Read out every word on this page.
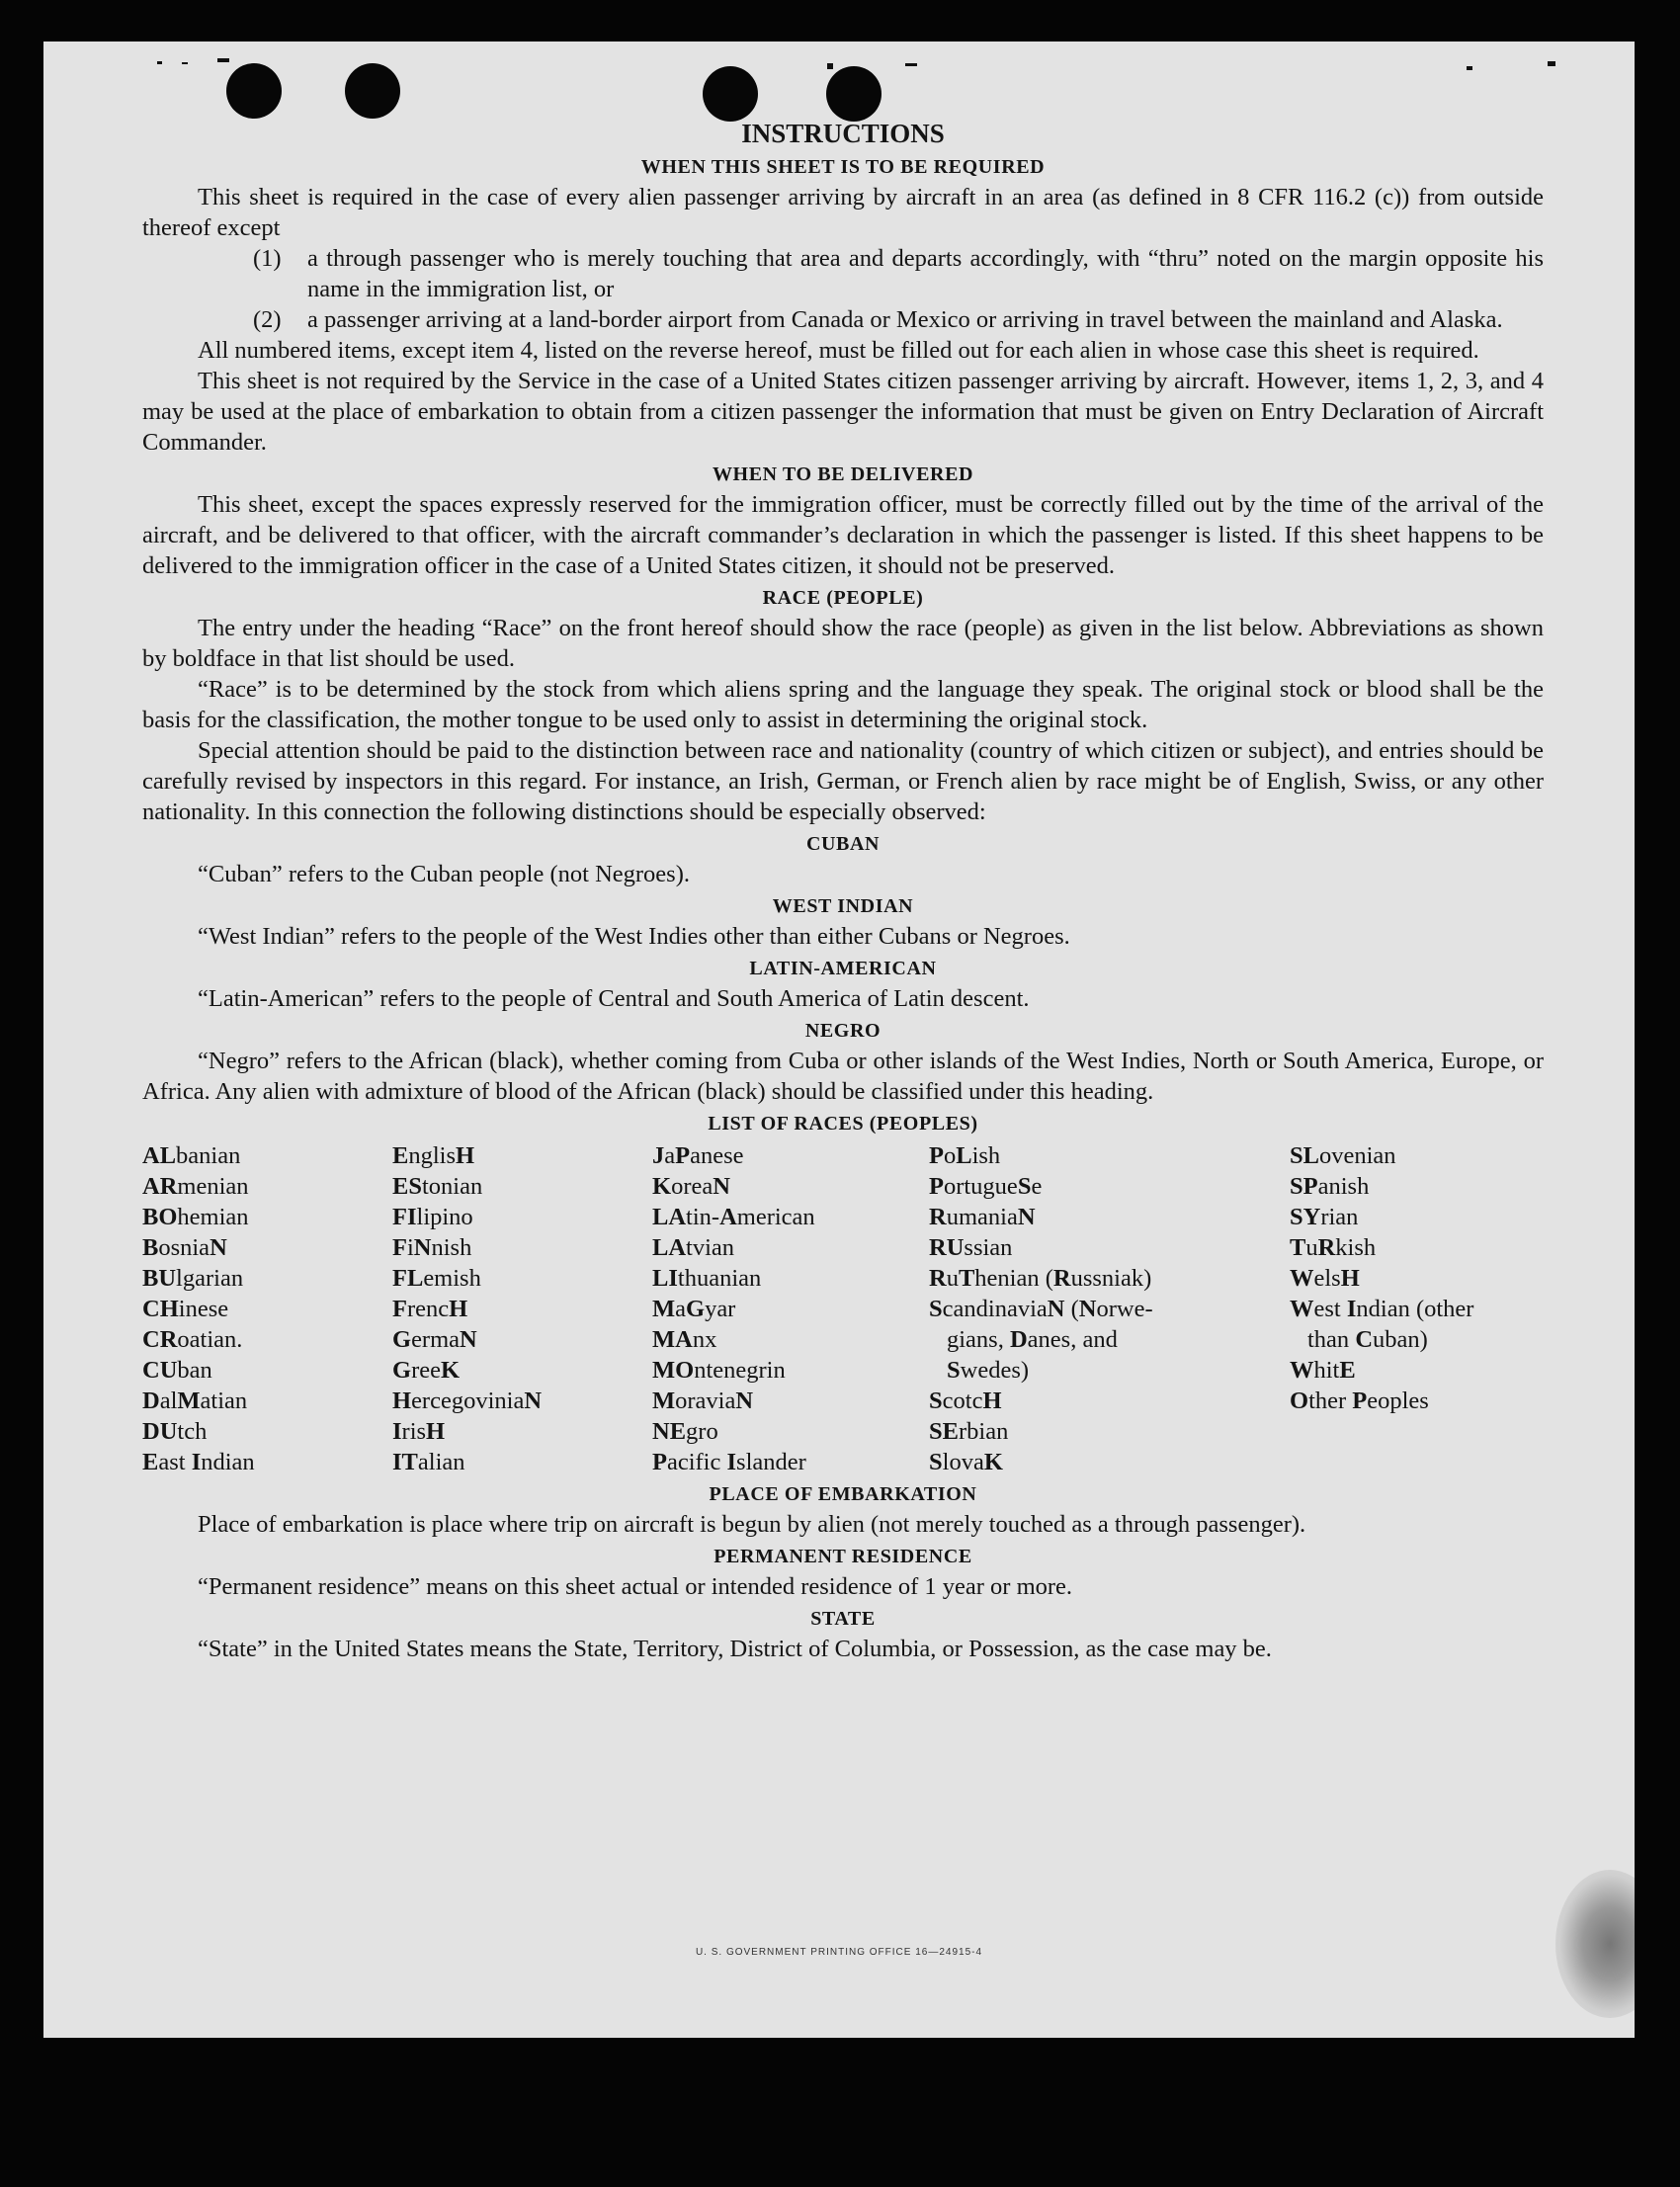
INSTRUCTIONS
WHEN THIS SHEET IS TO BE REQUIRED

This sheet is required in the case of every alien passenger arriving by aircraft in an area (as defined in 8 CFR 116.2 (c)) from outside thereof except

(1)	a through passenger who is merely touching that area and departs accordingly, with “thru” noted on the margin opposite his name in the immigration list, or
(2)	a passenger arriving at a land-border airport from Canada or Mexico or arriving in travel between the mainland and Alaska.

All numbered items, except item 4, listed on the reverse hereof, must be filled out for each alien in whose case this sheet is required.

This sheet is not required by the Service in the case of a United States citizen passenger arriving by aircraft. However, items 1, 2, 3, and 4 may be used at the place of embarkation to obtain from a citizen passenger the information that must be given on Entry Declaration of Aircraft Commander.

WHEN TO BE DELIVERED

This sheet, except the spaces expressly reserved for the immigration officer, must be correctly filled out by the time of the arrival of the aircraft, and be delivered to that officer, with the aircraft commander’s declaration in which the passenger is listed. If this sheet happens to be delivered to the immigration officer in the case of a United States citizen, it should not be preserved.

RACE (PEOPLE)

The entry under the heading “Race” on the front hereof should show the race (people) as given in the list below. Abbreviations as shown by boldface in that list should be used.

“Race” is to be determined by the stock from which aliens spring and the language they speak. The original stock or blood shall be the basis for the classification, the mother tongue to be used only to assist in determining the original stock.

Special attention should be paid to the distinction between race and nationality (country of which citizen or subject), and entries should be carefully revised by inspectors in this regard. For instance, an Irish, German, or French alien by race might be of English, Swiss, or any other nationality. In this connection the following distinctions should be especially observed:

CUBAN

“Cuban” refers to the Cuban people (not Negroes).

WEST INDIAN

“West Indian” refers to the people of the West Indies other than either Cubans or Negroes.

LATIN-AMERICAN

“Latin-American” refers to the people of Central and South America of Latin descent.

NEGRO

“Negro” refers to the African (black), whether coming from Cuba or other islands of the West Indies, North or South America, Europe, or Africa. Any alien with admixture of blood of the African (black) should be classified under this heading.

LIST OF RACES (PEOPLES)
ALbanian
ARmenian
BOhemian
BosniaN
BUlgarian
CHinese
CRoatian.
CUban
DalMatian
DUtch
East Indian
EnglisH
EStonian
FIlipino
FiNnish
FLemish
FrencH
GermaN
GreeK
HercegoviniaN
IrisH
ITalian
JaPanese
KoreaN
LAtin-American
LAtvian
LIthuanian
MaGyar
MAnx
MOntenegrin
MoraviaN
NEgro
Pacific Islander
PoLish
PortugueSe
RumaniaN
RUssian
RuThenian (Russniak)
ScandinaviaN (Norwe-
gians, Danes, and
Swedes)
ScotcH
SErbian
SlovaK
SLovenian
SPanish
SYrian
TuRkish
WelsH
West Indian (other
than Cuban)
WhitE
Other Peoples
PLACE OF EMBARKATION

Place of embarkation is place where trip on aircraft is begun by alien (not merely touched as a through passenger).

PERMANENT RESIDENCE

“Permanent residence” means on this sheet actual or intended residence of 1 year or more.

STATE

“State” in the United States means the State, Territory, District of Columbia, or Possession, as the case may be.

U. S. GOVERNMENT PRINTING OFFICE 16—24915-4
